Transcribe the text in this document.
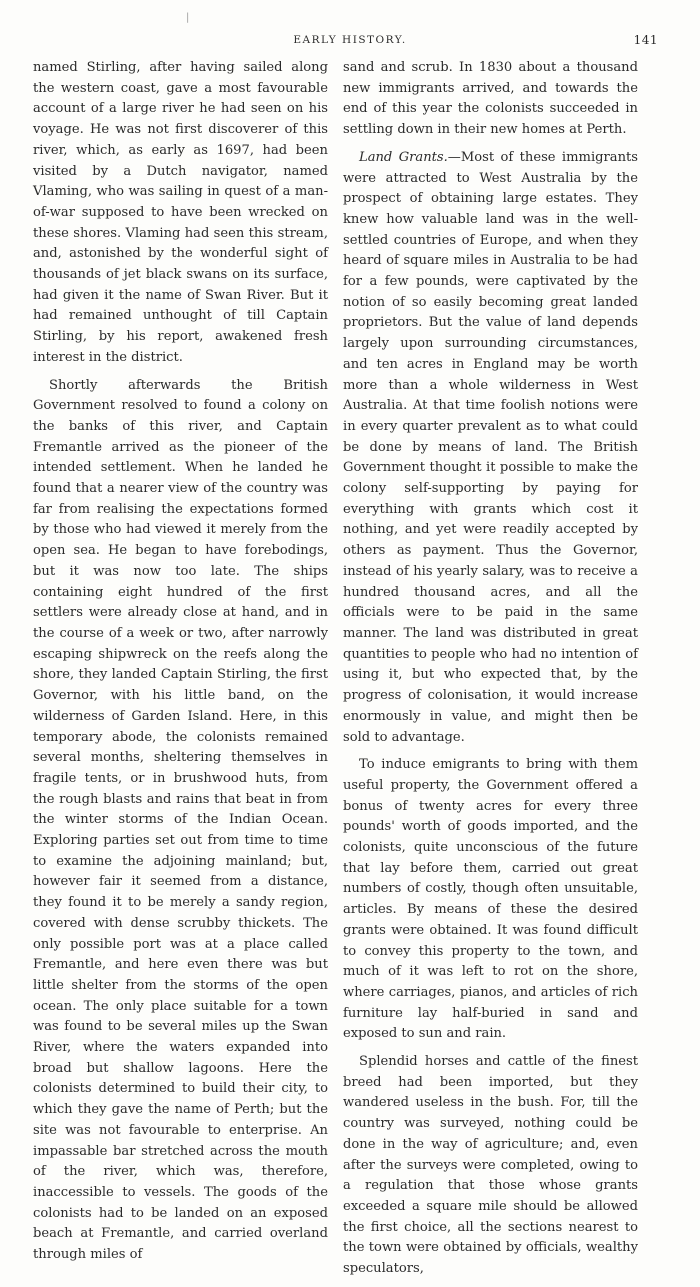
|
EARLY HISTORY.	141

named Stirling, after having sailed along the western coast, gave a most favourable account of a large river he had seen on his voyage. He was not first discoverer of this river, which, as early as 1697, had been visited by a Dutch navigator, named Vlaming, who was sailing in quest of a man-of-war supposed to have been wrecked on these shores. Vlaming had seen this stream, and, astonished by the wonderful sight of thousands of jet black swans on its surface, had given it the name of Swan River. But it had remained unthought of till Captain Stirling, by his report, awakened fresh interest in the district.

Shortly afterwards the British Government resolved to found a colony on the banks of this river, and Captain Fremantle arrived as the pioneer of the intended settlement. When he landed he found that a nearer view of the country was far from realising the expectations formed by those who had viewed it merely from the open sea. He began to have forebodings, but it was now too late. The ships containing eight hundred of the first settlers were already close at hand, and in the course of a week or two, after narrowly escaping shipwreck on the reefs along the shore, they landed Captain Stirling, the first Governor, with his little band, on the wilderness of Garden Island. Here, in this temporary abode, the colonists remained several months, sheltering themselves in fragile tents, or in brushwood huts, from the rough blasts and rains that beat in from the winter storms of the Indian Ocean. Exploring parties set out from time to time to examine the adjoining mainland; but, however fair it seemed from a distance, they found it to be merely a sandy region, covered with dense scrubby thickets. The only possible port was at a place called Fremantle, and here even there was but little shelter from the storms of the open ocean. The only place suitable for a town was found to be several miles up the Swan River, where the waters expanded into broad but shallow lagoons. Here the colonists determined to build their city, to which they gave the name of Perth; but the site was not favourable to enterprise. An impassable bar stretched across the mouth of the river, which was, therefore, inaccessible to vessels. The goods of the colonists had to be landed on an exposed beach at Fremantle, and carried overland through miles of

sand and scrub. In 1830 about a thousand new immigrants arrived, and towards the end of this year the colonists succeeded in settling down in their new homes at Perth.

Land Grants.—Most of these immigrants were attracted to West Australia by the prospect of obtaining large estates. They knew how valuable land was in the well-settled countries of Europe, and when they heard of square miles in Australia to be had for a few pounds, were captivated by the notion of so easily becoming great landed proprietors. But the value of land depends largely upon surrounding circumstances, and ten acres in England may be worth more than a whole wilderness in West Australia. At that time foolish notions were in every quarter prevalent as to what could be done by means of land. The British Government thought it possible to make the colony self-supporting by paying for everything with grants which cost it nothing, and yet were readily accepted by others as payment. Thus the Governor, instead of his yearly salary, was to receive a hundred thousand acres, and all the officials were to be paid in the same manner. The land was distributed in great quantities to people who had no intention of using it, but who expected that, by the progress of colonisation, it would increase enormously in value, and might then be sold to advantage.

To induce emigrants to bring with them useful property, the Government offered a bonus of twenty acres for every three pounds' worth of goods imported, and the colonists, quite unconscious of the future that lay before them, carried out great numbers of costly, though often unsuitable, articles. By means of these the desired grants were obtained. It was found difficult to convey this property to the town, and much of it was left to rot on the shore, where carriages, pianos, and articles of rich furniture lay half-buried in sand and exposed to sun and rain.

Splendid horses and cattle of the finest breed had been imported, but they wandered useless in the bush. For, till the country was surveyed, nothing could be done in the way of agriculture; and, even after the surveys were completed, owing to a regulation that those whose grants exceeded a square mile should be allowed the first choice, all the sections nearest to the town were obtained by officials, wealthy speculators,
